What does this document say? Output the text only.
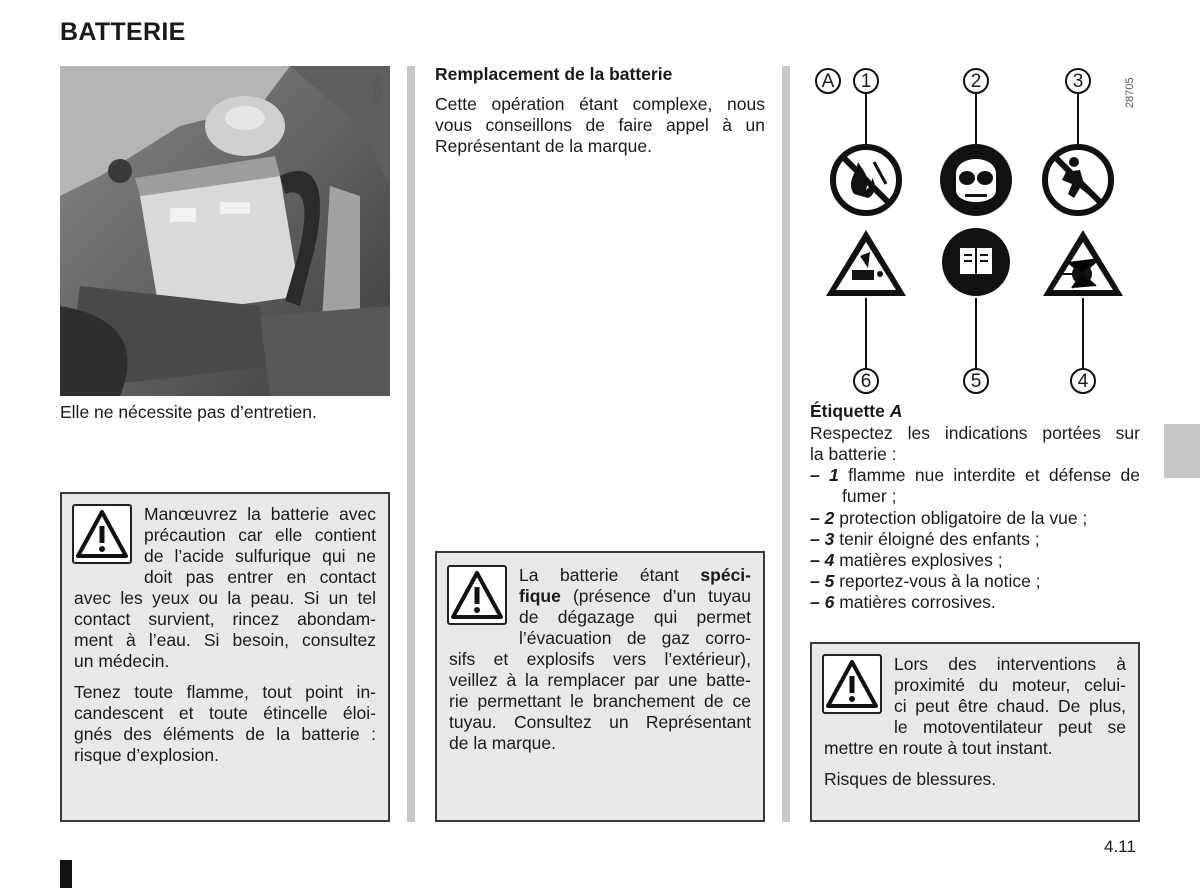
BATTERIE
32203
Elle ne nécessite pas d’entretien.
Manœuvrez la batterie avec
précaution car elle contient
de l’acide sulfurique qui ne
doit pas entrer en contact
avec les yeux ou la peau. Si un tel
contact survient, rincez abondam-
ment à l’eau. Si besoin, consultez
un médecin.
Tenez toute flamme, tout point in-
candescent et toute étincelle éloi-
gnés des éléments de la batterie :
risque d’explosion.
Remplacement de la batterie
Cette opération étant complexe, nous
vous conseillons de faire appel à un
Représentant de la marque.
La batterie étant spéci-
fique (présence d’un tuyau
de dégazage qui permet
l’évacuation de gaz corro-
sifs et explosifs vers l’extérieur),
veillez à la remplacer par une batte-
rie permettant le branchement de ce
tuyau. Consultez un Représentant
de la marque.
A	1	2	3
6	5	4
28705
Étiquette A
Respectez les indications portées sur
la batterie :
– 1 flamme nue interdite et défense de
fumer ;
– 2 protection obligatoire de la vue ;
– 3 tenir éloigné des enfants ;
– 4 matières explosives ;
– 5 reportez-vous à la notice ;
– 6 matières corrosives.
Lors des interventions à
proximité du moteur, celui-
ci peut être chaud. De plus,
le motoventilateur peut se
mettre en route à tout instant.
Risques de blessures.
4.11
